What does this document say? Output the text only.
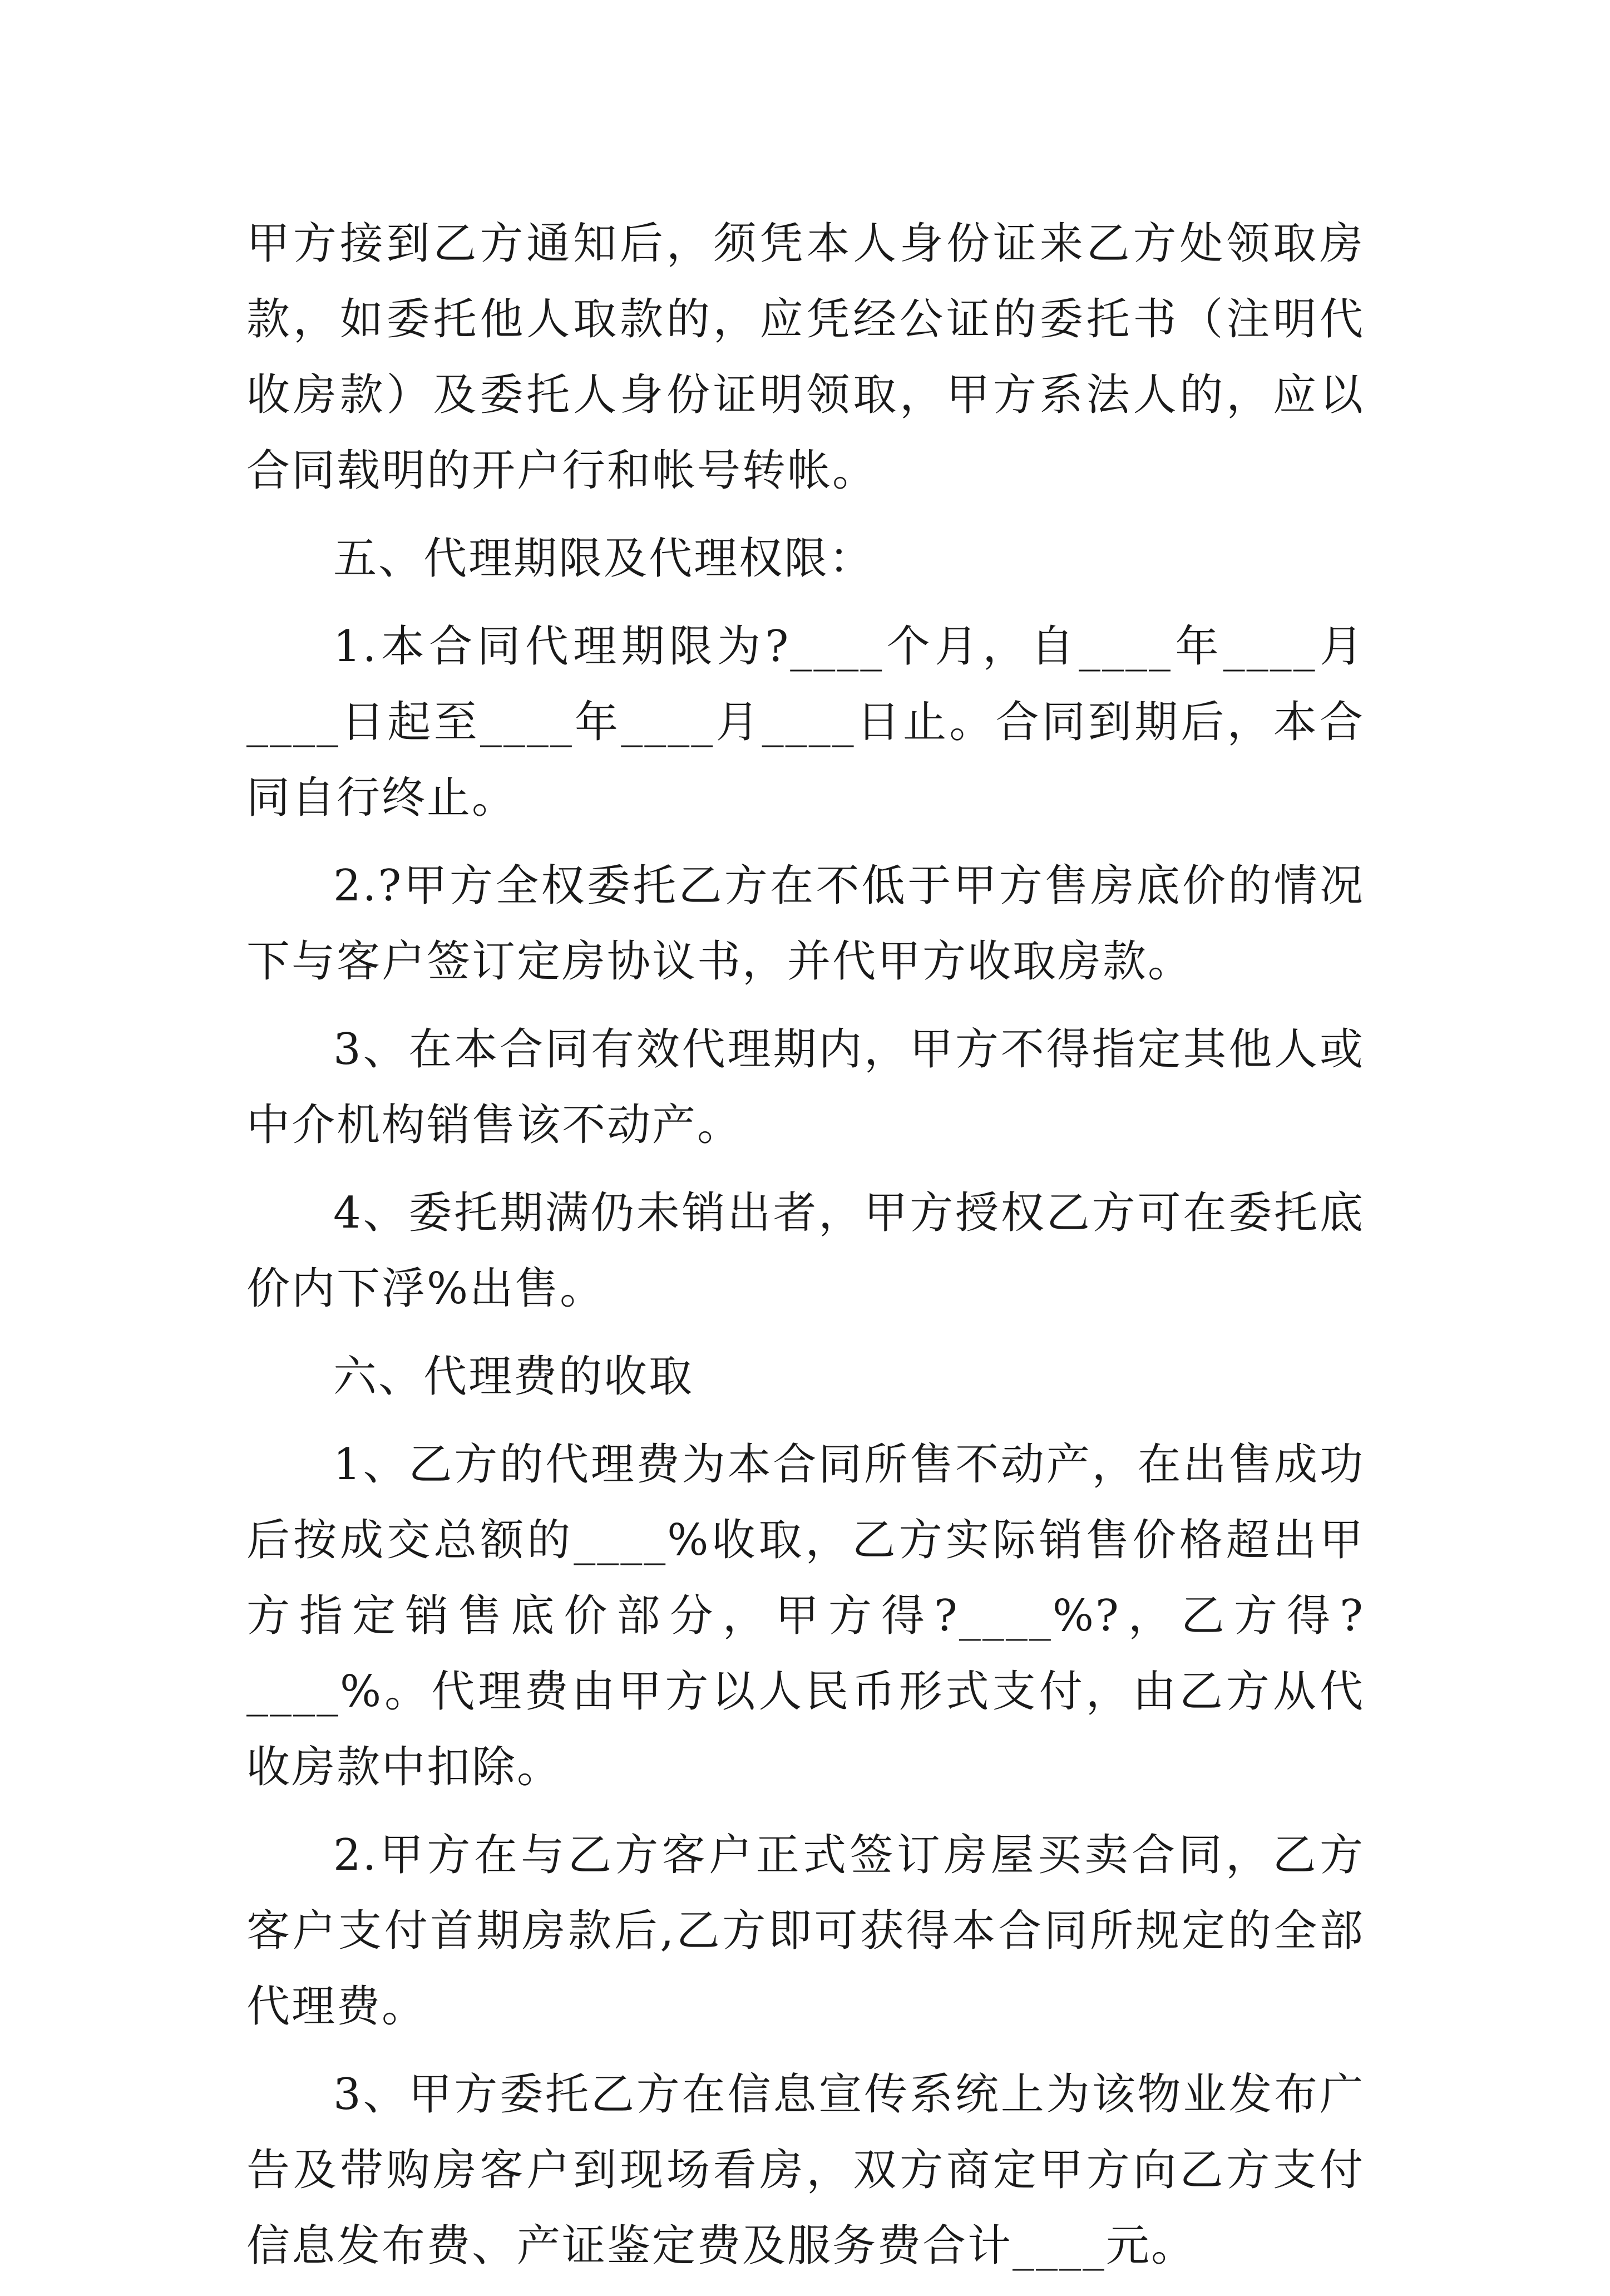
甲方接到乙方通知后，须凭本人身份证来乙方处领取房款，如委托他人取款的，应凭经公证的委托书（注明代收房款）及委托人身份证明领取，甲方系法人的，应以合同载明的开户行和帐号转帐。

五、代理期限及代理权限：

1.本合同代理期限为?____个月，自____年____月____日起至____年____月____日止。合同到期后，本合同自行终止。

2.?甲方全权委托乙方在不低于甲方售房底价的情况下与客户签订定房协议书，并代甲方收取房款。

3、在本合同有效代理期内，甲方不得指定其他人或中介机构销售该不动产。

4、委托期满仍未销出者，甲方授权乙方可在委托底价内下浮%出售。

六、代理费的收取

1、乙方的代理费为本合同所售不动产，在出售成功后按成交总额的____%收取，乙方实际销售价格超出甲方指定销售底价部分，甲方得?____%?，乙方得?____%。代理费由甲方以人民币形式支付，由乙方从代收房款中扣除。

2.甲方在与乙方客户正式签订房屋买卖合同，乙方客户支付首期房款后,乙方即可获得本合同所规定的全部代理费。

3、甲方委托乙方在信息宣传系统上为该物业发布广告及带购房客户到现场看房，双方商定甲方向乙方支付信息发布费、产证鉴定费及服务费合计____元。
